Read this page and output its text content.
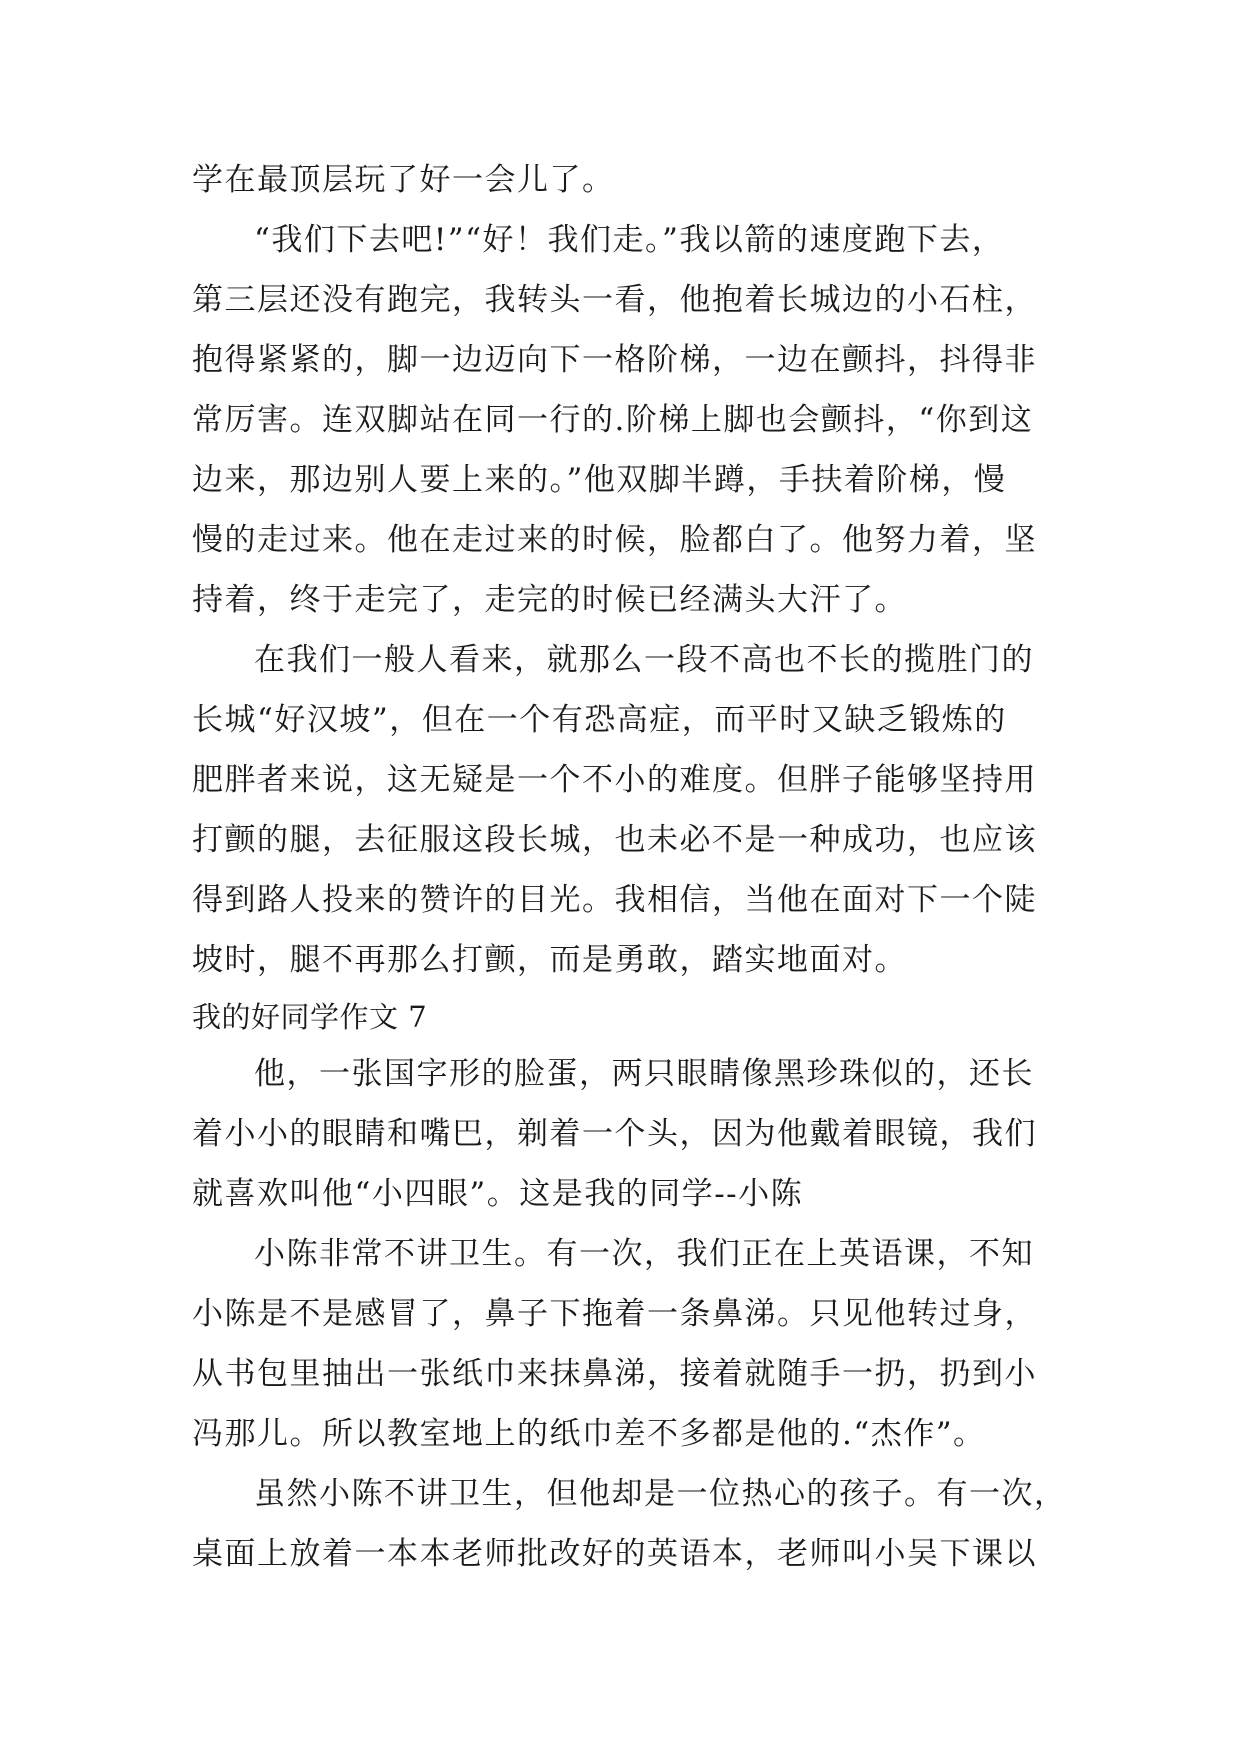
学在最顶层玩了好一会儿了。
“我们下去吧!”“好！我们走。”我以箭的速度跑下去，
第三层还没有跑完，我转头一看，他抱着长城边的小石柱，
抱得紧紧的，脚一边迈向下一格阶梯，一边在颤抖，抖得非
常厉害。连双脚站在同一行的.阶梯上脚也会颤抖，“你到这
边来，那边别人要上来的。”他双脚半蹲，手扶着阶梯，慢
慢的走过来。他在走过来的时候，脸都白了。他努力着，坚
持着，终于走完了，走完的时候已经满头大汗了。
在我们一般人看来，就那么一段不高也不长的揽胜门的
长城“好汉坡”，但在一个有恐高症，而平时又缺乏锻炼的
肥胖者来说，这无疑是一个不小的难度。但胖子能够坚持用
打颤的腿，去征服这段长城，也未必不是一种成功，也应该
得到路人投来的赞许的目光。我相信，当他在面对下一个陡
坡时，腿不再那么打颤，而是勇敢，踏实地面对。
我的好同学作文 7
他，一张国字形的脸蛋，两只眼睛像黑珍珠似的，还长
着小小的眼睛和嘴巴，剃着一个头，因为他戴着眼镜，我们
就喜欢叫他“小四眼”。这是我的同学--小陈
小陈非常不讲卫生。有一次，我们正在上英语课，不知
小陈是不是感冒了，鼻子下拖着一条鼻涕。只见他转过身，
从书包里抽出一张纸巾来抹鼻涕，接着就随手一扔，扔到小
冯那儿。所以教室地上的纸巾差不多都是他的.“杰作”。
虽然小陈不讲卫生，但他却是一位热心的孩子。有一次，
桌面上放着一本本老师批改好的英语本，老师叫小吴下课以
